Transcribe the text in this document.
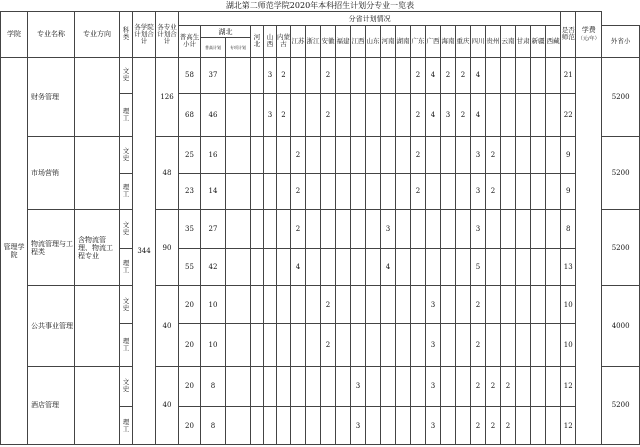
湖北第二师范学院2020年本科招生计划分专业一览表
学院	专业名称	专业方向	科类	各学院计划合计	各专业计划合计	分省计划情况																								是否师范	学费
（元/年）	
						普高生小计	湖北		河北	山西	内蒙古	江苏	浙江	安徽	福建	江西	山东	河南	湖南	广东	广西	海南	重庆	四川	贵州	云南	甘肃	新疆	西藏			外省小
							普高计划	专项计划																								
管理学院	财务管理		文史	344	126	58	37			3	2			2						2	4	2	2	4						21		5200
			理工			68	46			3	2			2						2	4	3	2	4						22		
	市场营销		文史		48	25	16					2								2				3	2					9		5200
			理工			23	14					2								2				3	2					9		
	物流管理与工程类	含物流管理、物流工程专业	文史		90	35	27					2						3						3						8		5200
			理工			55	42					4						4						5						13		
	公共事业管理		文史		40	20	10							2							3			2						10		4000
			理工			20	10							2							3			2						10		
	酒店管理		文史		40	20	8									3					3			2	2	2				12		5200
			理工			20	8									3					3			2	2	2				12		
